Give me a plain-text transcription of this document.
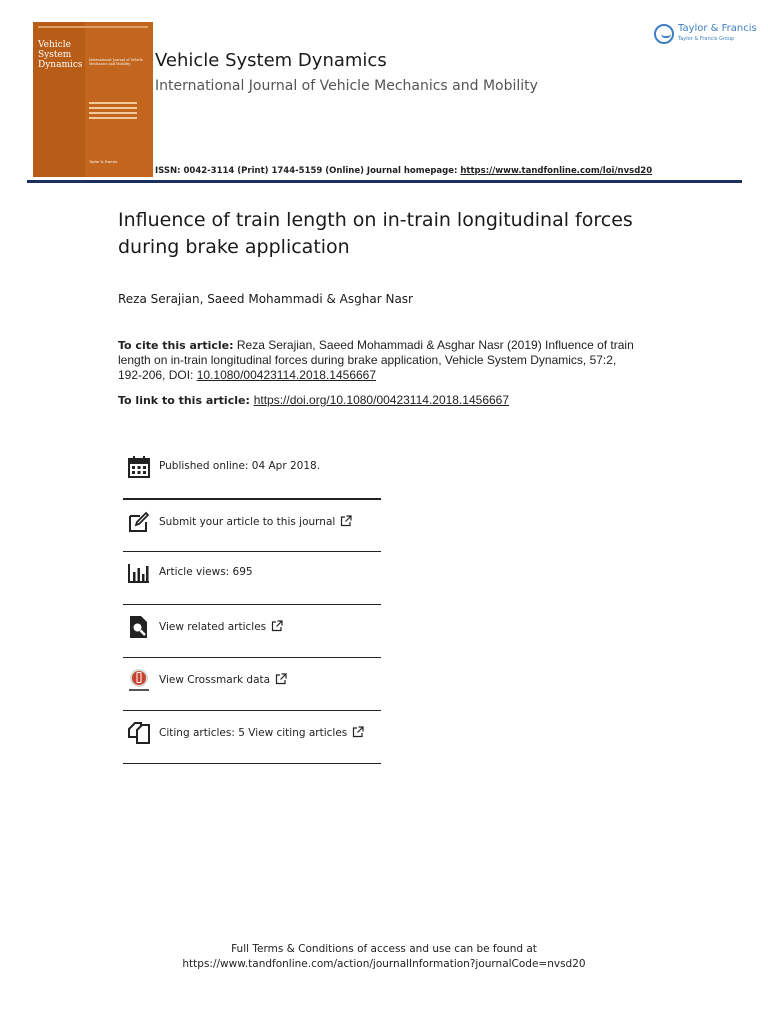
Vehicle
System
Dynamics International Journal of Vehicle Mechanics and Mobility
Taylor & Francis
Vehicle System Dynamics
International Journal of Vehicle Mechanics and Mobility
Taylor & Francis
Taylor & Francis Group
ISSN: 0042-3114 (Print) 1744-5159 (Online) Journal homepage: https://www.tandfonline.com/loi/nvsd20
Influence of train length on in-train longitudinal forces during brake application
Reza Serajian, Saeed Mohammadi & Asghar Nasr
To cite this article: Reza Serajian, Saeed Mohammadi & Asghar Nasr (2019) Influence of train length on in-train longitudinal forces during brake application, Vehicle System Dynamics, 57:2, 192-206, DOI: 10.1080/00423114.2018.1456667
To link to this article: https://doi.org/10.1080/00423114.2018.1456667
Published online: 04 Apr 2018.
Submit your article to this journal
Article views: 695
View related articles
View Crossmark data
Citing articles: 5 View citing articles
Full Terms & Conditions of access and use can be found at
https://www.tandfonline.com/action/journalInformation?journalCode=nvsd20
